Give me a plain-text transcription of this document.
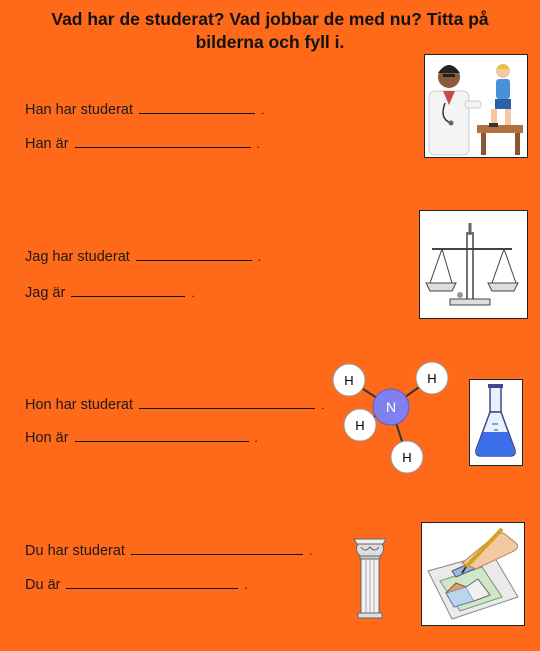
Vad har de studerat? Vad jobbar de med nu? Titta på bilderna och fyll i.
Han har studerat	.
Han är	.
Jag har studerat	.
Jag är	.
Hon har studerat	.
Hon är	.
Du har studerat	.
Du är	.
H	H
H
H
N
